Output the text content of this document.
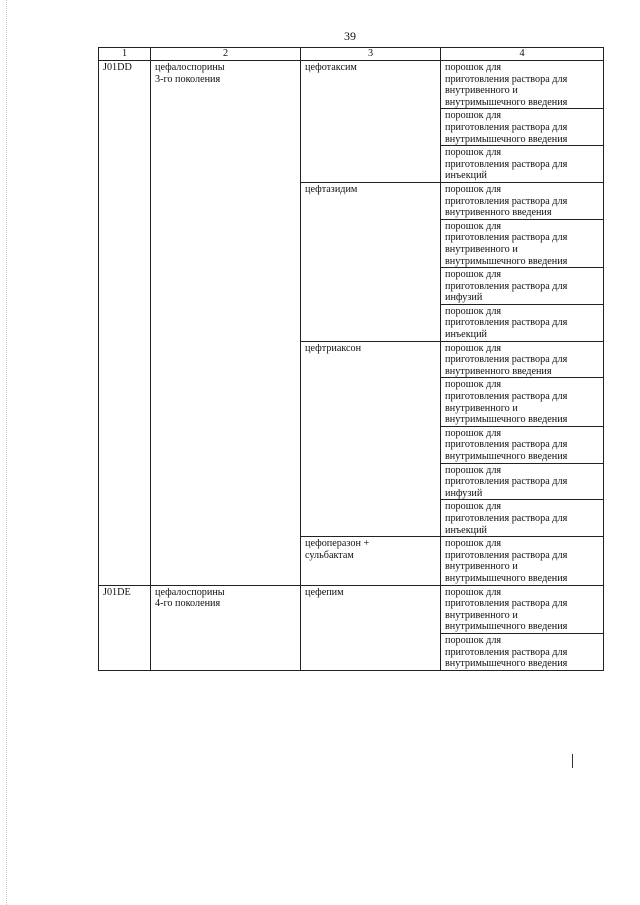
39
1	2	3	4

J01DD	цефалоспорины
3-го поколения	цефотаксим	порошок для
приготовления раствора для
внутривенного и
внутримышечного введения

			порошок для
приготовления раствора для
внутримышечного введения

			порошок для
приготовления раствора для
инъекций

		цефтазидим	порошок для
приготовления раствора для
внутривенного введения

			порошок для
приготовления раствора для
внутривенного и
внутримышечного введения

			порошок для
приготовления раствора для
инфузий

			порошок для
приготовления раствора для
инъекций

		цефтриаксон	порошок для
приготовления раствора для
внутривенного введения

			порошок для
приготовления раствора для
внутривенного и
внутримышечного введения

			порошок для
приготовления раствора для
внутримышечного введения

			порошок для
приготовления раствора для
инфузий

			порошок для
приготовления раствора для
инъекций

		цефоперазон +
сульбактам	порошок для
приготовления раствора для
внутривенного и
внутримышечного введения

J01DE	цефалоспорины
4-го поколения	цефепим	порошок для
приготовления раствора для
внутривенного и
внутримышечного введения

			порошок для
приготовления раствора для
внутримышечного введения
